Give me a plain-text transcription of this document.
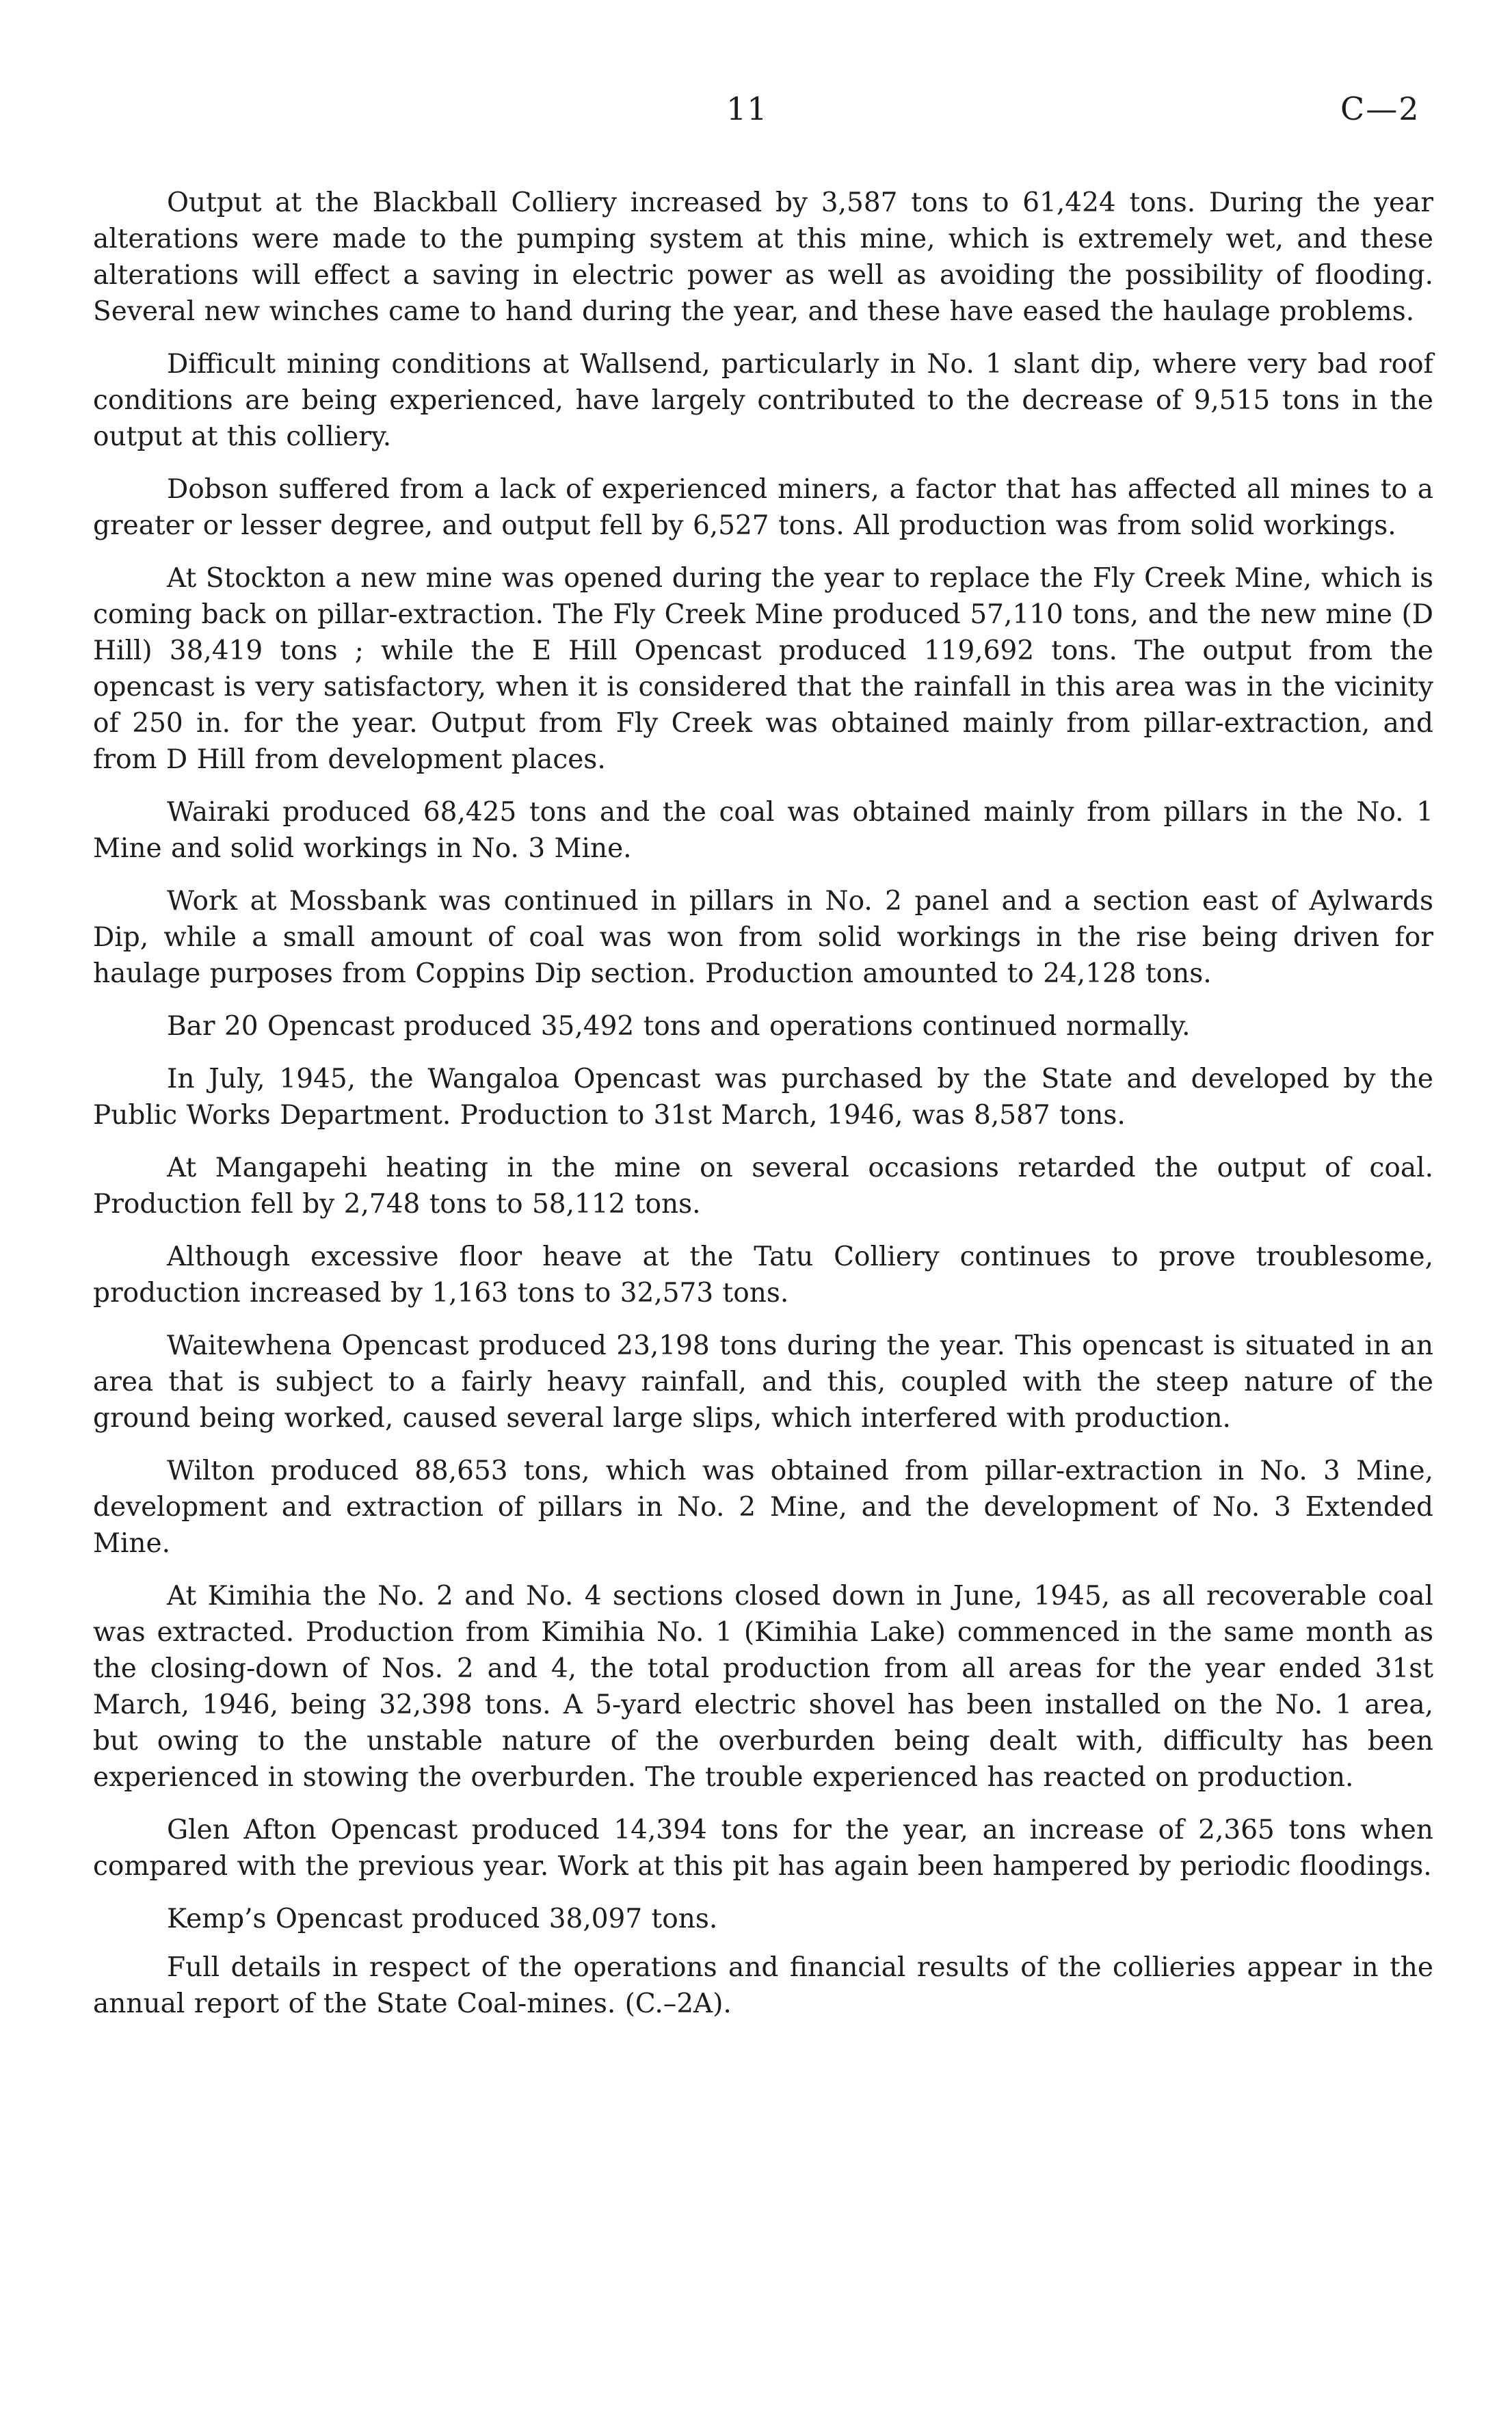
11	C—2

Output at the Blackball Colliery increased by 3,587 tons to 61,424 tons. During the year alterations were made to the pumping system at this mine, which is extremely wet, and these alterations will effect a saving in electric power as well as avoiding the possibility of flooding. Several new winches came to hand during the year, and these have eased the haulage problems.

Difficult mining conditions at Wallsend, particularly in No. 1 slant dip, where very bad roof conditions are being experienced, have largely contributed to the decrease of 9,515 tons in the output at this colliery.

Dobson suffered from a lack of experienced miners, a factor that has affected all mines to a greater or lesser degree, and output fell by 6,527 tons. All production was from solid workings.

At Stockton a new mine was opened during the year to replace the Fly Creek Mine, which is coming back on pillar-extraction. The Fly Creek Mine produced 57,110 tons, and the new mine (D Hill) 38,419 tons ; while the E Hill Opencast produced 119,692 tons. The output from the opencast is very satisfactory, when it is considered that the rainfall in this area was in the vicinity of 250 in. for the year. Output from Fly Creek was obtained mainly from pillar-extraction, and from D Hill from development places.

Wairaki produced 68,425 tons and the coal was obtained mainly from pillars in the No. 1 Mine and solid workings in No. 3 Mine.

Work at Mossbank was continued in pillars in No. 2 panel and a section east of Aylwards Dip, while a small amount of coal was won from solid workings in the rise being driven for haulage purposes from Coppins Dip section. Production amounted to 24,128 tons.

Bar 20 Opencast produced 35,492 tons and operations continued normally.

In July, 1945, the Wangaloa Opencast was purchased by the State and developed by the Public Works Department. Production to 31st March, 1946, was 8,587 tons.

At Mangapehi heating in the mine on several occasions retarded the output of coal. Production fell by 2,748 tons to 58,112 tons.

Although excessive floor heave at the Tatu Colliery continues to prove troublesome, production increased by 1,163 tons to 32,573 tons.

Waitewhena Opencast produced 23,198 tons during the year. This opencast is situated in an area that is subject to a fairly heavy rainfall, and this, coupled with the steep nature of the ground being worked, caused several large slips, which interfered with production.

Wilton produced 88,653 tons, which was obtained from pillar-extraction in No. 3 Mine, development and extraction of pillars in No. 2 Mine, and the development of No. 3 Extended Mine.

At Kimihia the No. 2 and No. 4 sections closed down in June, 1945, as all recoverable coal was extracted. Production from Kimihia No. 1 (Kimihia Lake) commenced in the same month as the closing-down of Nos. 2 and 4, the total production from all areas for the year ended 31st March, 1946, being 32,398 tons. A 5-yard electric shovel has been installed on the No. 1 area, but owing to the unstable nature of the overburden being dealt with, difficulty has been experienced in stowing the overburden. The trouble experienced has reacted on production.

Glen Afton Opencast produced 14,394 tons for the year, an increase of 2,365 tons when compared with the previous year. Work at this pit has again been hampered by periodic floodings.

Kemp’s Opencast produced 38,097 tons.

Full details in respect of the operations and financial results of the collieries appear in the annual report of the State Coal-mines. (C.–2A).
